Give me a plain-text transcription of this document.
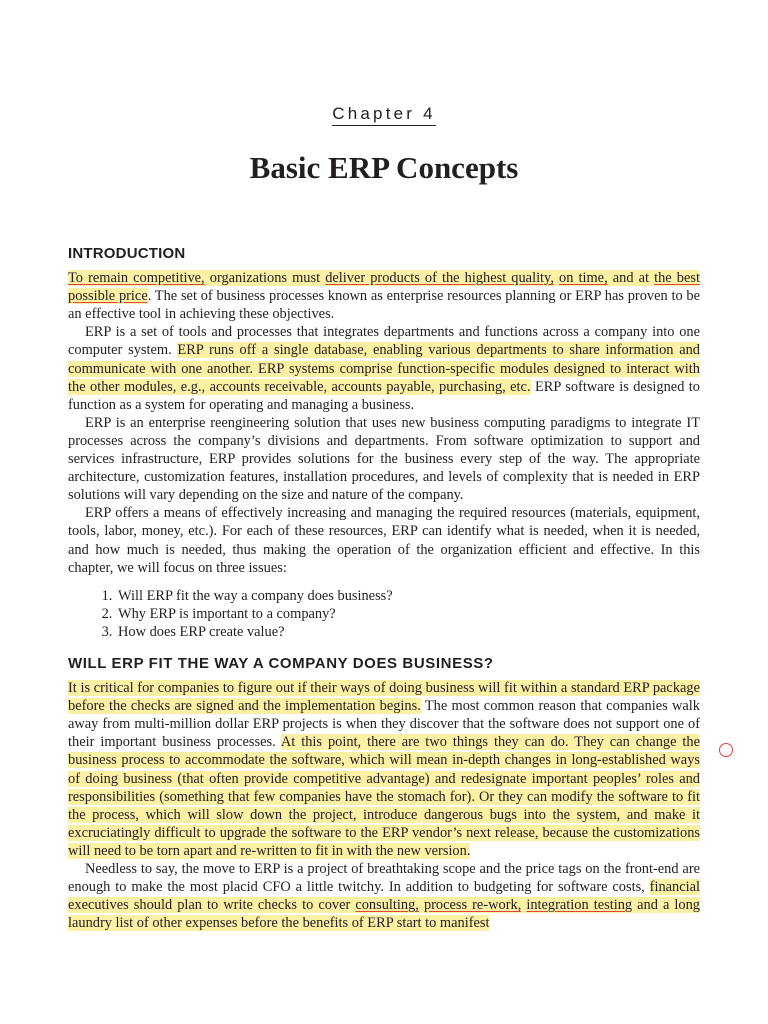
Chapter 4
Basic ERP Concepts
INTRODUCTION

To remain competitive, organizations must deliver products of the highest quality, on time, and at the best possible price. The set of business processes known as enterprise resources planning or ERP has proven to be an effective tool in achieving these objectives.

ERP is a set of tools and processes that integrates departments and functions across a company into one computer system. ERP runs off a single database, enabling various departments to share information and communicate with one another. ERP systems comprise function-specific modules designed to interact with the other modules, e.g., accounts receivable, accounts payable, purchasing, etc. ERP software is designed to function as a system for operating and managing a business.

ERP is an enterprise reengineering solution that uses new business computing paradigms to integrate IT processes across the company’s divisions and departments. From software optimization to support and services infrastructure, ERP provides solutions for the business every step of the way. The appropriate architecture, customization features, installation procedures, and levels of complexity that is needed in ERP solutions will vary depending on the size and nature of the company.

ERP offers a means of effectively increasing and managing the required resources (materials, equipment, tools, labor, money, etc.). For each of these resources, ERP can identify what is needed, when it is needed, and how much is needed, thus making the operation of the organization efficient and effective. In this chapter, we will focus on three issues:

1. Will ERP fit the way a company does business?
2. Why ERP is important to a company?
3. How does ERP create value?
WILL ERP FIT THE WAY A COMPANY DOES BUSINESS?

It is critical for companies to figure out if their ways of doing business will fit within a standard ERP package before the checks are signed and the implementation begins. The most common reason that companies walk away from multi-million dollar ERP projects is when they discover that the software does not support one of their important business processes. At this point, there are two things they can do. They can change the business process to accommodate the software, which will mean in-depth changes in long-established ways of doing business (that often provide competitive advantage) and redesignate important peoples’ roles and responsibilities (something that few companies have the stomach for). Or they can modify the software to fit the process, which will slow down the project, introduce dangerous bugs into the system, and make it excruciatingly difficult to upgrade the software to the ERP vendor’s next release, because the customizations will need to be torn apart and re-written to fit in with the new version.

Needless to say, the move to ERP is a project of breathtaking scope and the price tags on the front-end are enough to make the most placid CFO a little twitchy. In addition to budgeting for software costs, financial executives should plan to write checks to cover consulting, process re-work, integration testing and a long laundry list of other expenses before the benefits of ERP start to manifest
